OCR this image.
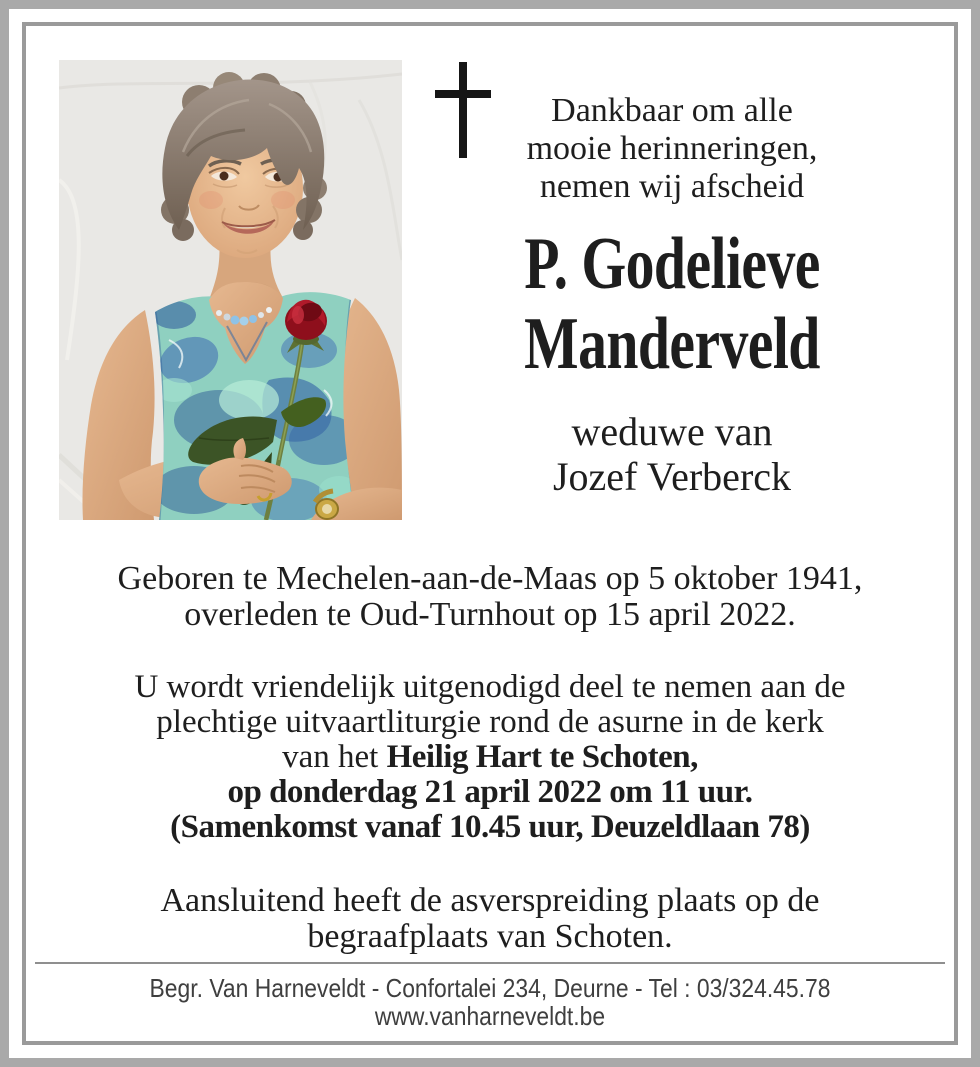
Dankbaar om alle
mooie herinneringen,
nemen wij afscheid
P. Godelieve
Manderveld
weduwe van
Jozef Verberck
Geboren te Mechelen-aan-de-Maas op 5 oktober 1941,
overleden te Oud-Turnhout op 15 april 2022.
U wordt vriendelijk uitgenodigd deel te nemen aan de
plechtige uitvaartliturgie rond de asurne in de kerk
van het Heilig Hart te Schoten,
op donderdag 21 april 2022 om 11 uur.
(Samenkomst vanaf 10.45 uur, Deuzeldlaan 78)
Aansluitend heeft de asverspreiding plaats op de
begraafplaats van Schoten.
Begr. Van Harneveldt - Confortalei 234, Deurne - Tel : 03/324.45.78
www.vanharneveldt.be
